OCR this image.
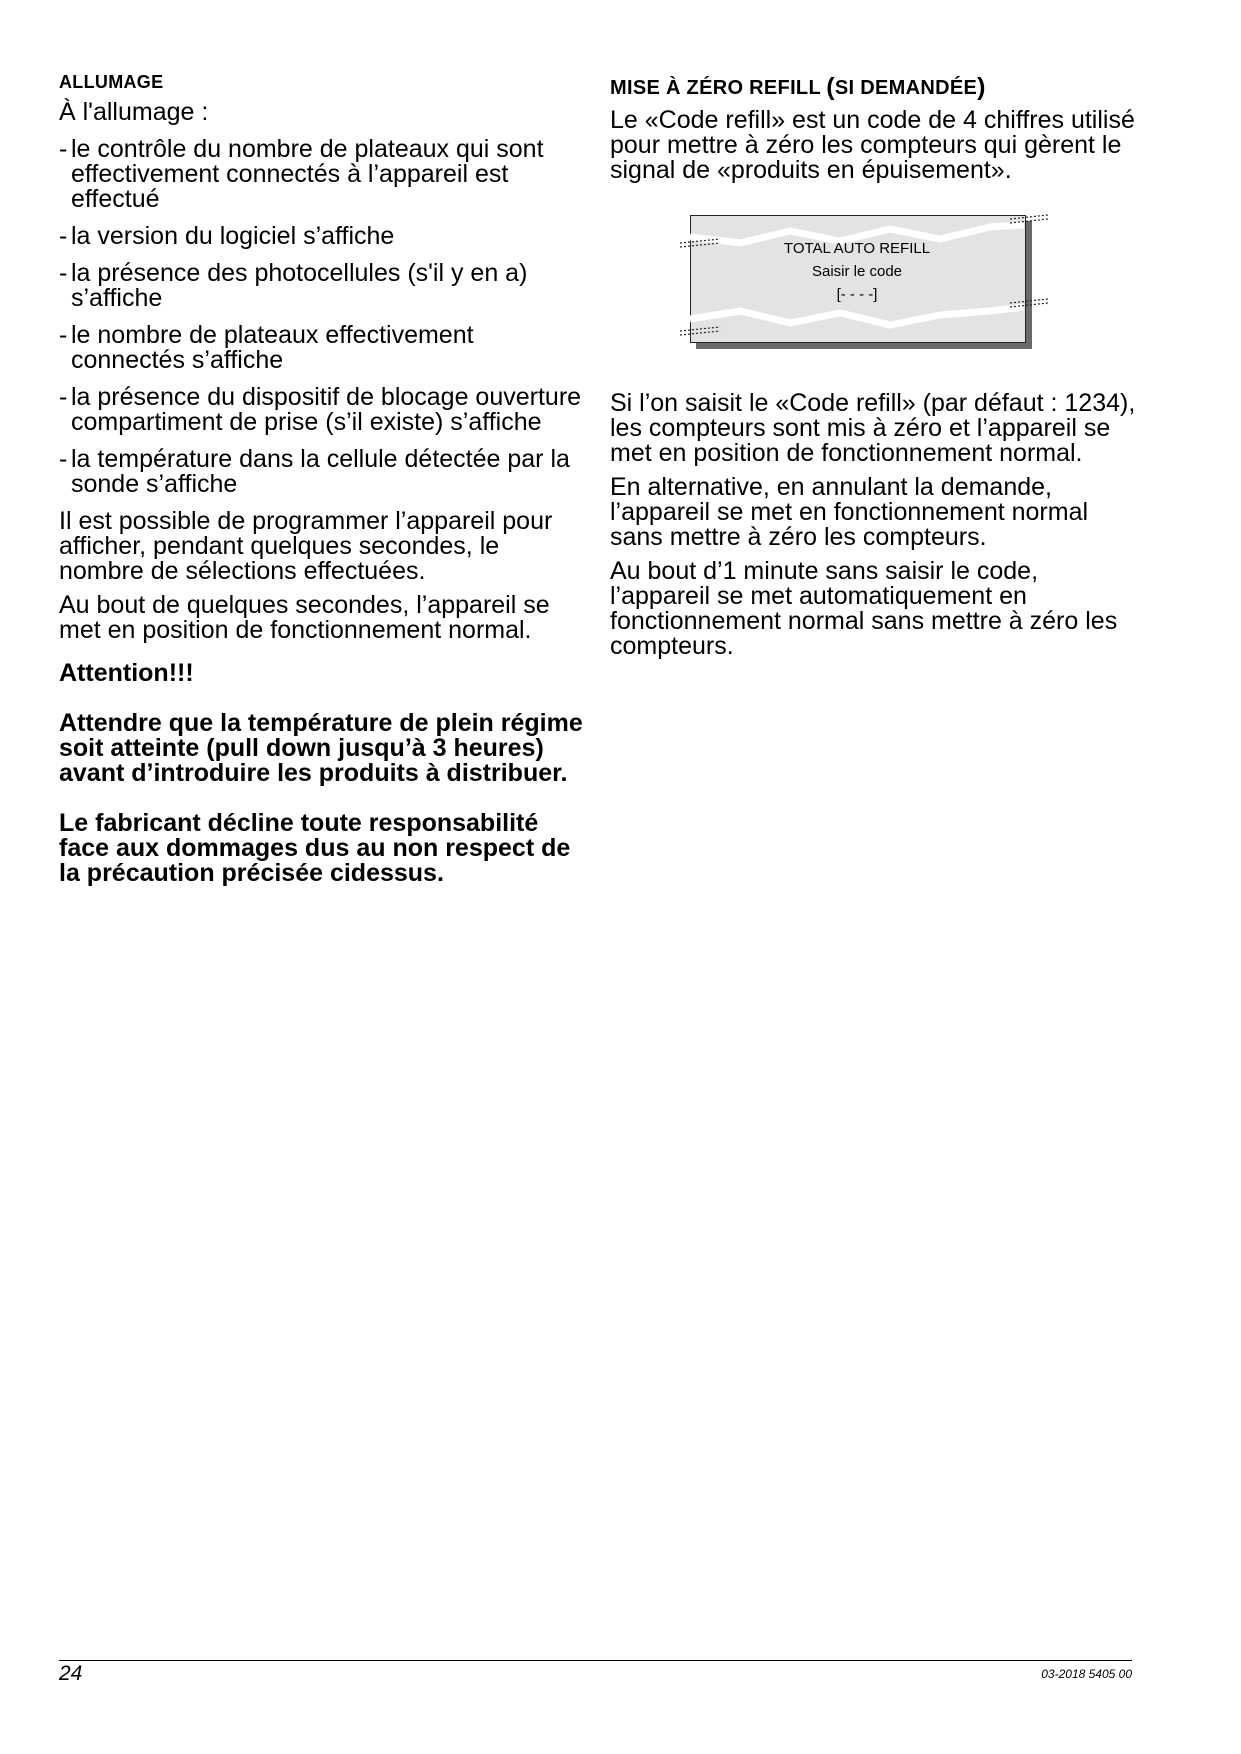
ALLUMAGE

À l'allumage :

- le contrôle du nombre de plateaux qui sont effectivement connectés à l’appareil est effectué
- la version du logiciel s’affiche
- la présence des photocellules (s'il y en a) s’affiche
- le nombre de plateaux effectivement connectés s’affiche
- la présence du dispositif de blocage ouverture compartiment de prise (s’il existe) s’affiche
- la température dans la cellule détectée par la sonde s’affiche

Il est possible de programmer l’appareil pour afficher, pendant quelques secondes, le nombre de sélections effectuées.

Au bout de quelques secondes, l’appareil se met en position de fonctionnement normal.

Attention!!!
Attendre que la température de plein régime soit atteinte (pull down jusqu’à 3 heures) avant d’introduire les produits à distribuer.
Le fabricant décline toute responsabilité face aux dommages dus au non respect de la précaution précisée cidessus.
MISE À ZÉRO REFILL (SI DEMANDÉE)

Le «Code refill» est un code de 4 chiffres utilisé pour mettre à zéro les compteurs qui gèrent le signal de «produits en épuisement».

TOTAL AUTO REFILL
Saisir le code
[- - - -]

Si l’on saisit le «Code refill» (par défaut : 1234), les compteurs sont mis à zéro et l’appareil se met en position de fonctionnement normal.

En alternative, en annulant la demande, l’appareil se met en fonctionnement normal sans mettre à zéro les compteurs.

Au bout d’1 minute sans saisir le code, l’appareil se met automatiquement en fonctionnement normal sans mettre à zéro les compteurs.

24	03-2018 5405 00
